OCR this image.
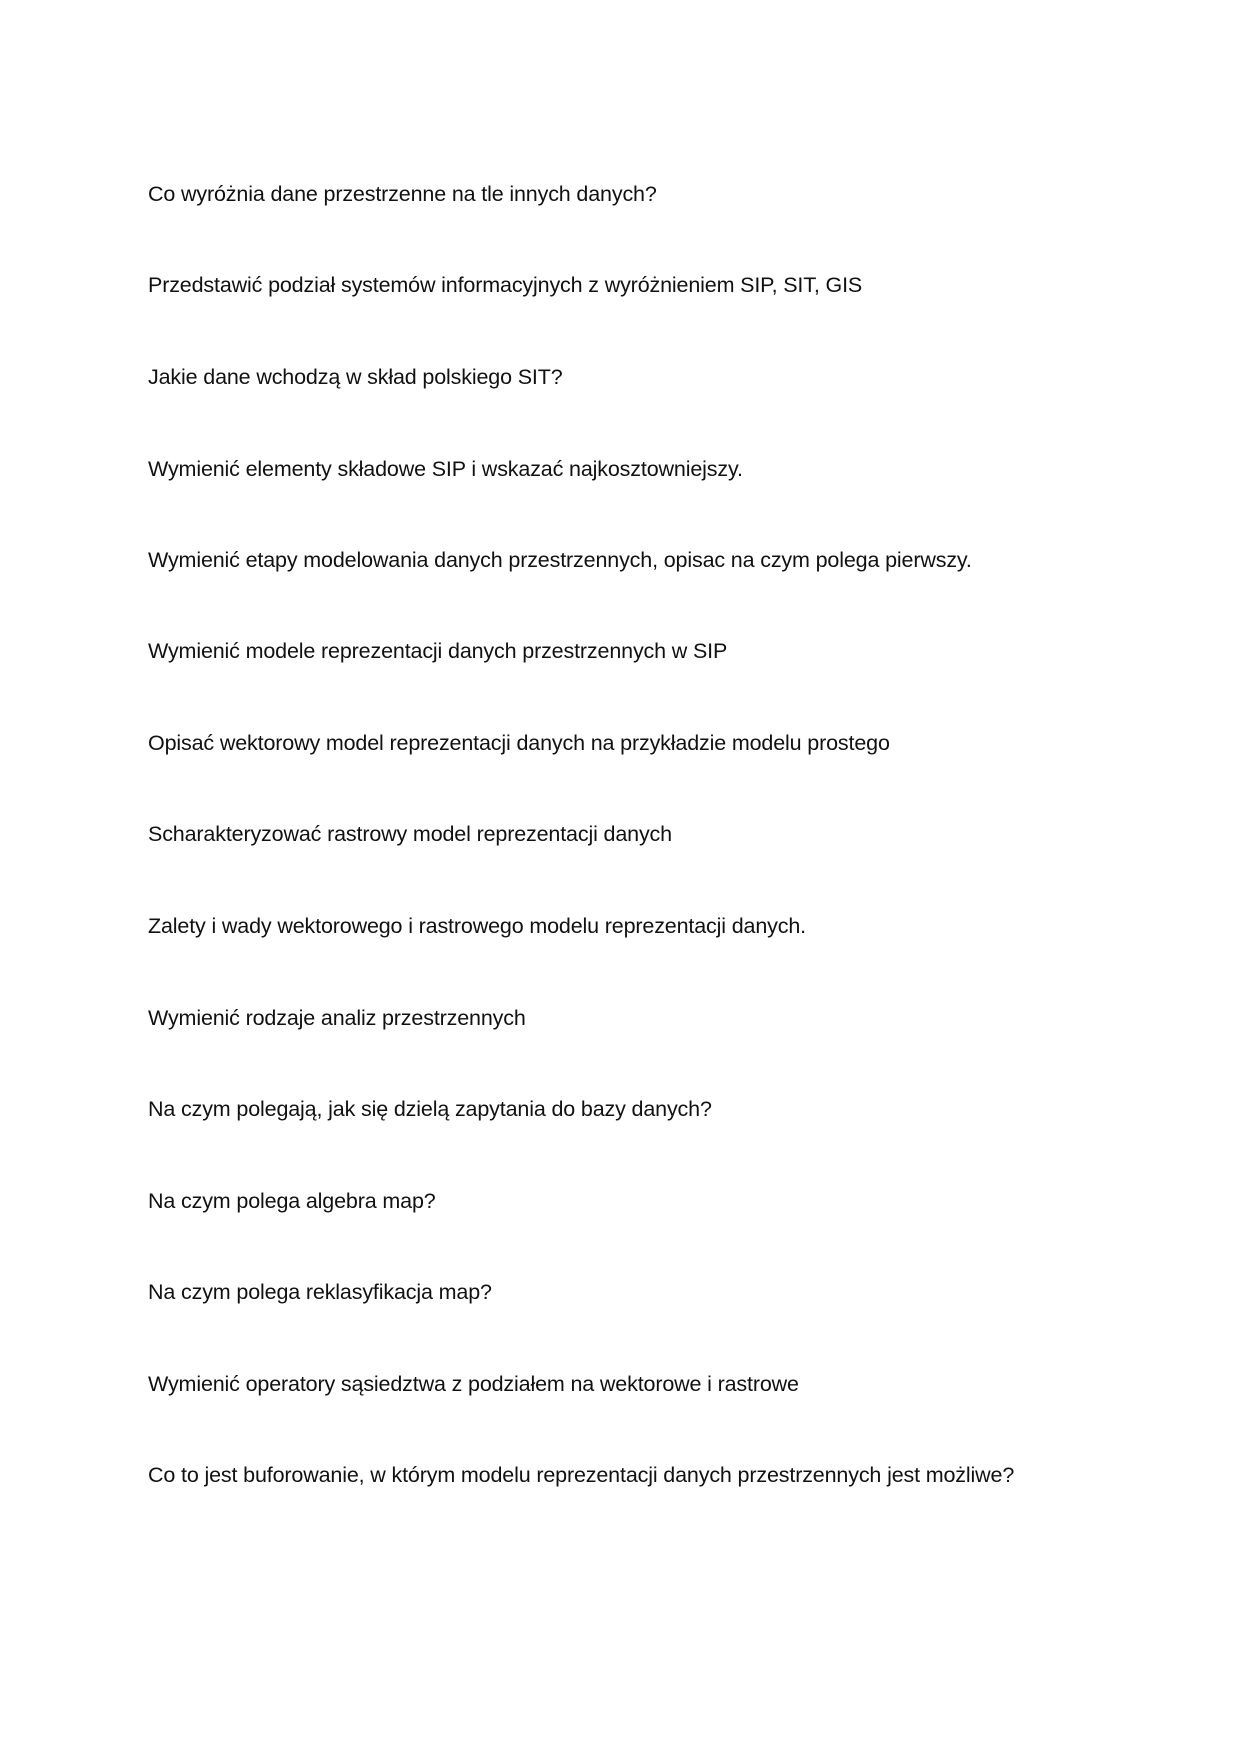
Co wyróżnia dane przestrzenne na tle innych danych?

Przedstawić podział systemów informacyjnych z wyróżnieniem SIP, SIT, GIS

Jakie dane wchodzą w skład polskiego SIT?

Wymienić elementy składowe SIP i wskazać najkosztowniejszy.

Wymienić etapy modelowania danych przestrzennych, opisac na czym polega pierwszy.

Wymienić modele reprezentacji danych przestrzennych w SIP

Opisać wektorowy model reprezentacji danych na przykładzie modelu prostego

Scharakteryzować rastrowy model reprezentacji danych

Zalety i wady wektorowego i rastrowego modelu reprezentacji danych.

Wymienić rodzaje analiz przestrzennych

Na czym polegają, jak się dzielą zapytania do bazy danych?

Na czym polega algebra map?

Na czym polega reklasyfikacja map?

Wymienić operatory sąsiedztwa z podziałem na wektorowe i rastrowe

Co to jest buforowanie, w którym modelu reprezentacji danych przestrzennych jest możliwe?
